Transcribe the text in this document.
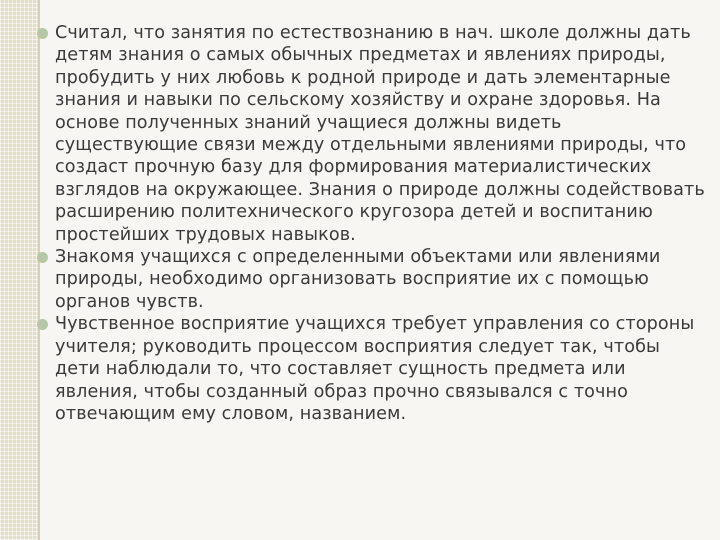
Считал, что занятия по естествознанию в нач. школе должны дать детям знания о самых обычных предметах и явлениях природы, пробудить у них любовь к родной природе и дать элементарные знания и навыки по сельскому хозяйству и охране здоровья. На основе полученных знаний учащиеся должны видеть существующие связи между отдельными явлениями природы, что создаст прочную базу для формирования материалистических взглядов на окружающее. Знания о природе должны содействовать расширению политехнического кругозора детей и воспитанию простейших трудовых навыков.
Знакомя учащихся с определенными объектами или явлениями природы, необходимо организовать восприятие их с помощью органов чувств.
Чувственное восприятие учащихся требует управления со стороны учителя; руководить процессом восприятия следует так, чтобы дети наблюдали то, что составляет сущность предмета или явления, чтобы созданный образ прочно связывался с точно отвечающим ему словом, названием.
